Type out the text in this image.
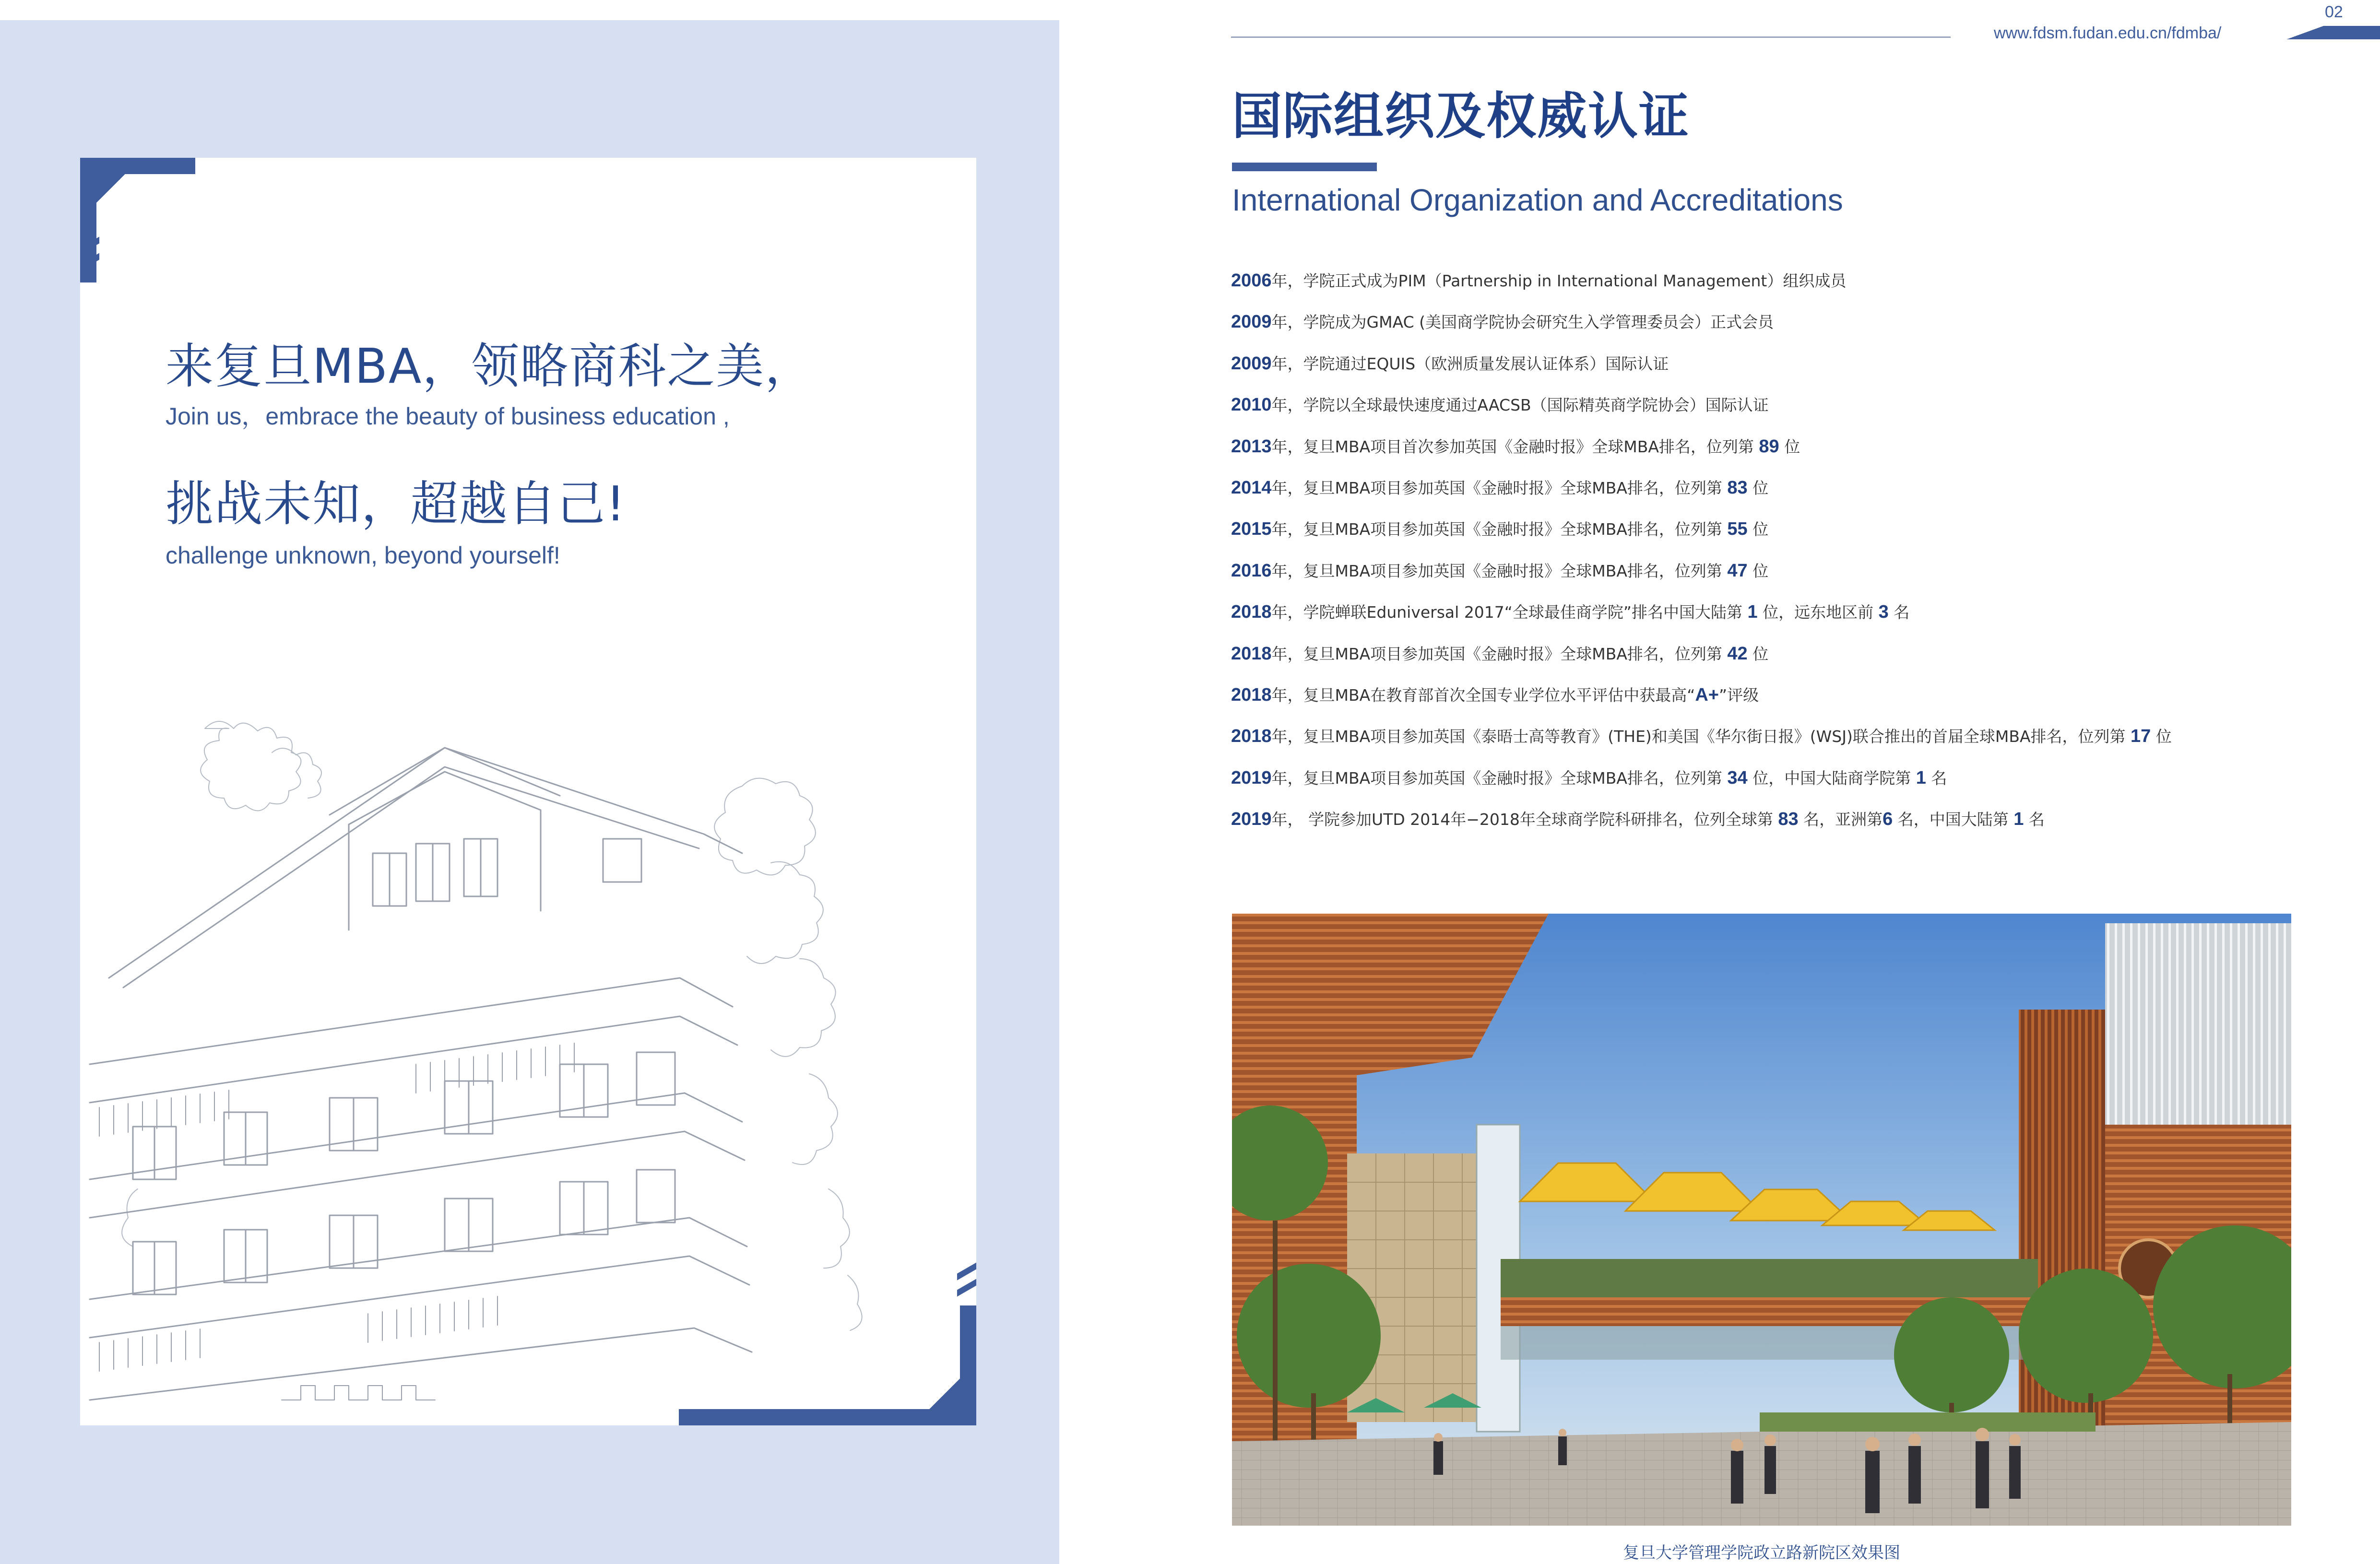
来复旦MBA，领略商科之美，
Join us，embrace the beauty of business education ,
挑战未知，超越自己!
challenge unknown, beyond yourself!
www.fdsm.fudan.edu.cn/fdmba/
02
国际组织及权威认证
International Organization and Accreditations
2006年，学院正式成为PIM（Partnership in International Management）组织成员
2009年，学院成为GMAC (美国商学院协会研究生入学管理委员会）正式会员
2009年，学院通过EQUIS（欧洲质量发展认证体系）国际认证
2010年，学院以全球最快速度通过AACSB（国际精英商学院协会）国际认证
2013年，复旦MBA项目首次参加英国《金融时报》全球MBA排名，位列第 89 位
2014年，复旦MBA项目参加英国《金融时报》全球MBA排名，位列第 83 位
2015年，复旦MBA项目参加英国《金融时报》全球MBA排名，位列第 55 位
2016年，复旦MBA项目参加英国《金融时报》全球MBA排名，位列第 47 位
2018年，学院蝉联Eduniversal 2017“全球最佳商学院”排名中国大陆第 1 位，远东地区前 3 名
2018年，复旦MBA项目参加英国《金融时报》全球MBA排名，位列第 42 位
2018年，复旦MBA在教育部首次全国专业学位水平评估中获最高“A+”评级
2018年，复旦MBA项目参加英国《泰晤士高等教育》(THE)和美国《华尔街日报》(WSJ)联合推出的首届全球MBA排名，位列第 17 位
2019年，复旦MBA项目参加英国《金融时报》全球MBA排名，位列第 34 位，中国大陆商学院第 1 名
2019年， 学院参加UTD 2014年−2018年全球商学院科研排名，位列全球第 83 名，亚洲第6 名，中国大陆第 1 名
复旦大学管理学院政立路新院区效果图
